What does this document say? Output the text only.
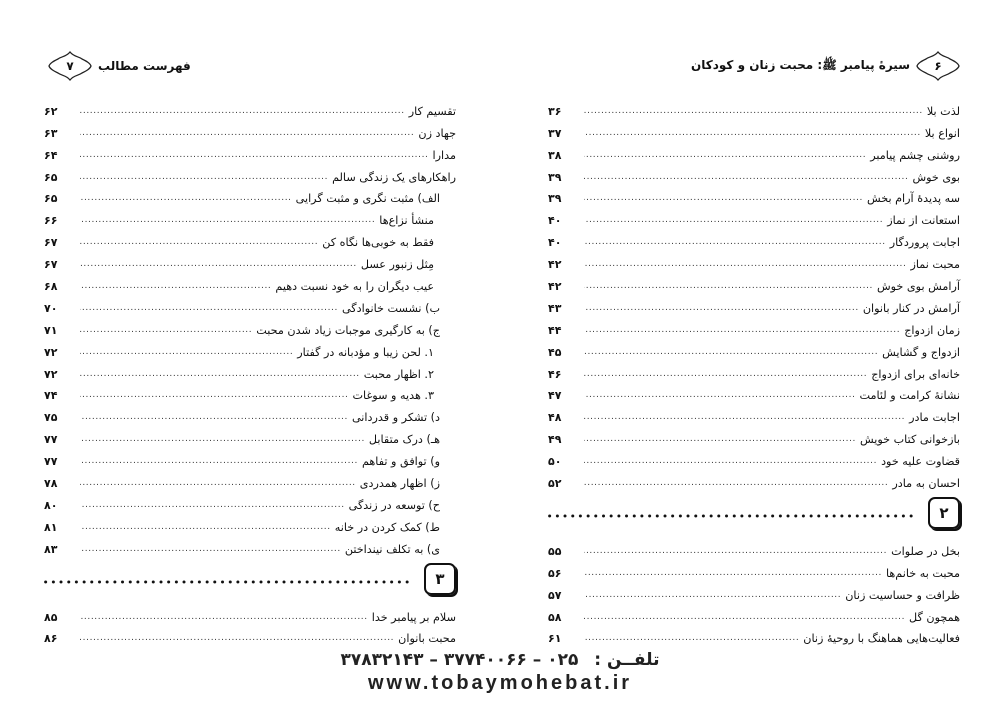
۶
سیرهٔ پیامبر ﷺ: محبت زنان و کودکان
لذت بلا
.....
۳۶
انواع بلا
.....
۳۷
روشنی چشم پیامبر
.....
۳۸
بوی خوش
.....
۳۹
سه پدیدهٔ آرام بخش
.....
۳۹
استعانت از نماز
.....
۴۰
اجابت پروردگار
.....
۴۰
محبت نماز
.....
۴۲
آرامش بوی خوش
.....
۴۲
آرامش در کنار بانوان
.....
۴۳
زمان ازدواج
.....
۴۴
ازدواج و گشایش
.....
۴۵
خانه‌ای برای ازدواج
.....
۴۶
نشانهٔ کرامت و لئامت
.....
۴۷
اجابت مادر
.....
۴۸
بازخوانی کتاب خویش
.....
۴۹
قضاوت علیه خود
.....
۵۰
احسان به مادر
.....
۵۲
۲
●●●●●●●●●●●●●●●●●●●●●●●●●●●●●●●●●●●●●●●●●●●●●●●●●●●●●●●●●●●●
بخل در صلوات
.....
۵۵
محبت به خانم‌ها
.....
۵۶
ظرافت و حساسیت زنان
.....
۵۷
همچون گل
.....
۵۸
فعالیت‌هایی هماهنگ با روحیهٔ زنان
.....
۶۱
۷ فهرست مطالب
تقسیم کار
.....
۶۲
جهاد زن
.....
۶۳
مدارا
.....
۶۴
راهکارهای یک زندگی سالم
.....
۶۵
الف) مثبت نگری و مثبت گرایی
.....
۶۵
منشأ نزاع‌ها
.....
۶۶
فقط به خوبی‌ها نگاه کن
.....
۶۷
مِثل زنبور عسل
.....
۶۷
عیب دیگران را به خود نسبت دهیم
.....
۶۸
ب) نشست خانوادگی
.....
۷۰
ج) به کارگیری موجبات زیاد شدن محبت
.....
۷۱
۱. لحن زیبا و مؤدبانه در گفتار
.....
۷۲
۲. اظهار محبت
.....
۷۲
۳. هدیه و سوغات
.....
۷۴
د) تشکر و قدردانی
.....
۷۵
هـ) درک متقابل
.....
۷۷
و) توافق و تفاهم
.....
۷۷
ز) اظهار همدردی
.....
۷۸
ح) توسعه در زندگی
.....
۸۰
ط) کمک کردن در خانه
.....
۸۱
ی) به تکلف نینداختن
.....
۸۳
۳
●●●●●●●●●●●●●●●●●●●●●●●●●●●●●●●●●●●●●●●●●●●●●●●●●●●●●●●●●●●●
سلام بر پیامبر خدا
.....
۸۵
محبت بانوان
.....
۸۶
تلفــن : ۰۲۵ – ۳۷۷۴۰۰۶۶ – ۳۷۸۳۲۱۴۳
www.tobaymohebat.ir
